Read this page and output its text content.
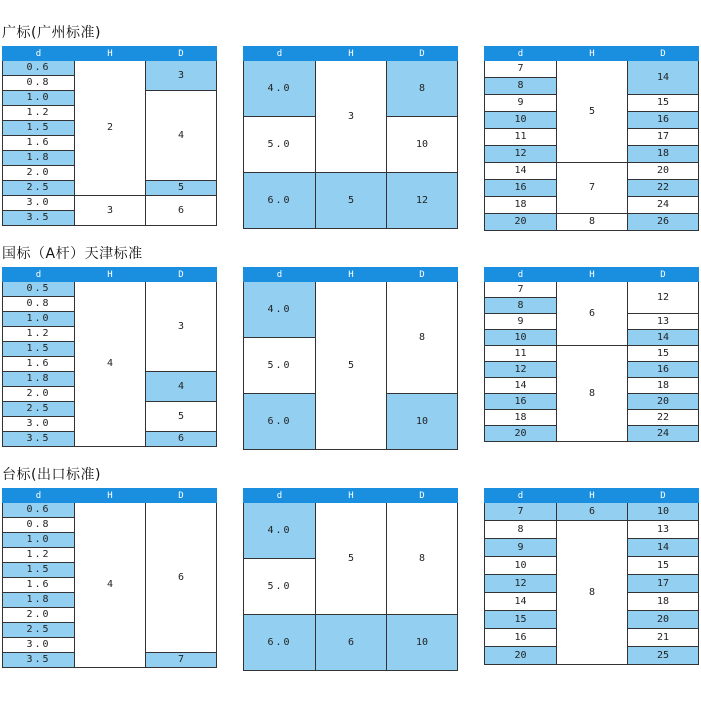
广标(广州标准)
d	H	D
0.6	2	3
0.8		
1.0		4
1.2		
1.5		
1.6		
1.8		
2.0		
2.5		5
3.0	3	6
3.5		
d	H	D
4.0	3	8
5.0		10
6.0	5	12
d	H	D
7	5	14
8		
9		15
10		16
11		17
12		18
14	7	20
16		22
18		24
20	8	26
国标（A杆）天津标准
d	H	D
0.5	4	3
0.8		
1.0		
1.2		
1.5		
1.6		
1.8		4
2.0		
2.5		5
3.0		
3.5		6
d	H	D
4.0	5	8
5.0		
6.0		10
d	H	D
7	6	12
8		
9		13
10		14
11	8	15
12		16
14		18
16		20
18		22
20		24
台标(出口标准)
d	H	D
0.6	4	6
0.8		
1.0		
1.2		
1.5		
1.6		
1.8		
2.0		
2.5		
3.0		
3.5		7
d	H	D
4.0	5	8
5.0		
6.0	6	10
d	H	D
7	6	10
8	8	13
9		14
10		15
12		17
14		18
15		20
16		21
20		25
